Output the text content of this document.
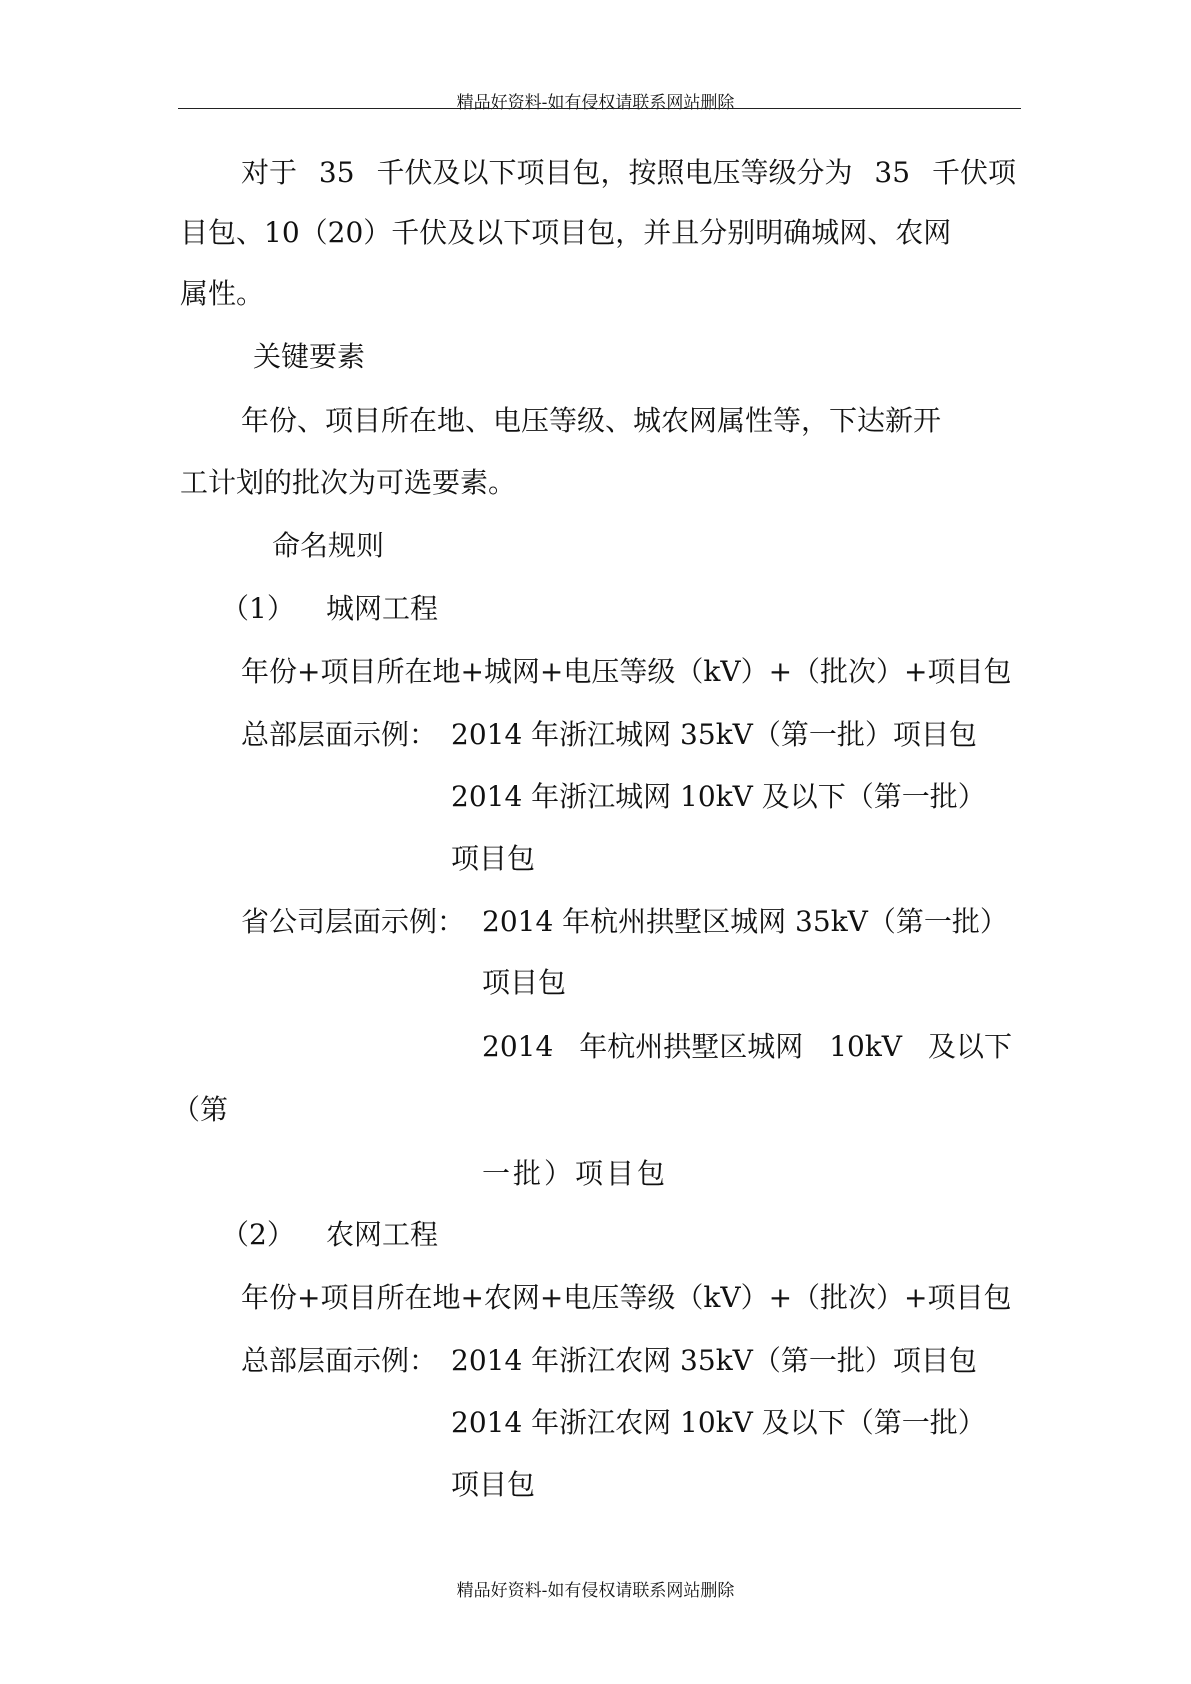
精品好资料-如有侵权请联系网站删除
对于 35 千伏及以下项目包，按照电压等级分为 35 千伏项
目包、10（20）千伏及以下项目包，并且分别明确城网、农网
属性。
关键要素
年份、项目所在地、电压等级、城农网属性等，下达新开
工计划的批次为可选要素。
命名规则
（1） 城网工程
年份+项目所在地+城网+电压等级（kV）+（批次）+项目包
总部层面示例： 2014 年浙江城网 35kV（第一批）项目包
2014 年浙江城网 10kV 及以下（第一批）
项目包
省公司层面示例： 2014 年杭州拱墅区城网 35kV（第一批）
项目包
2014 年杭州拱墅区城网 10kV 及以下
（第
一批）项目包
（2） 农网工程
年份+项目所在地+农网+电压等级（kV）+（批次）+项目包
总部层面示例： 2014 年浙江农网 35kV（第一批）项目包
2014 年浙江农网 10kV 及以下（第一批）
项目包
精品好资料-如有侵权请联系网站删除
